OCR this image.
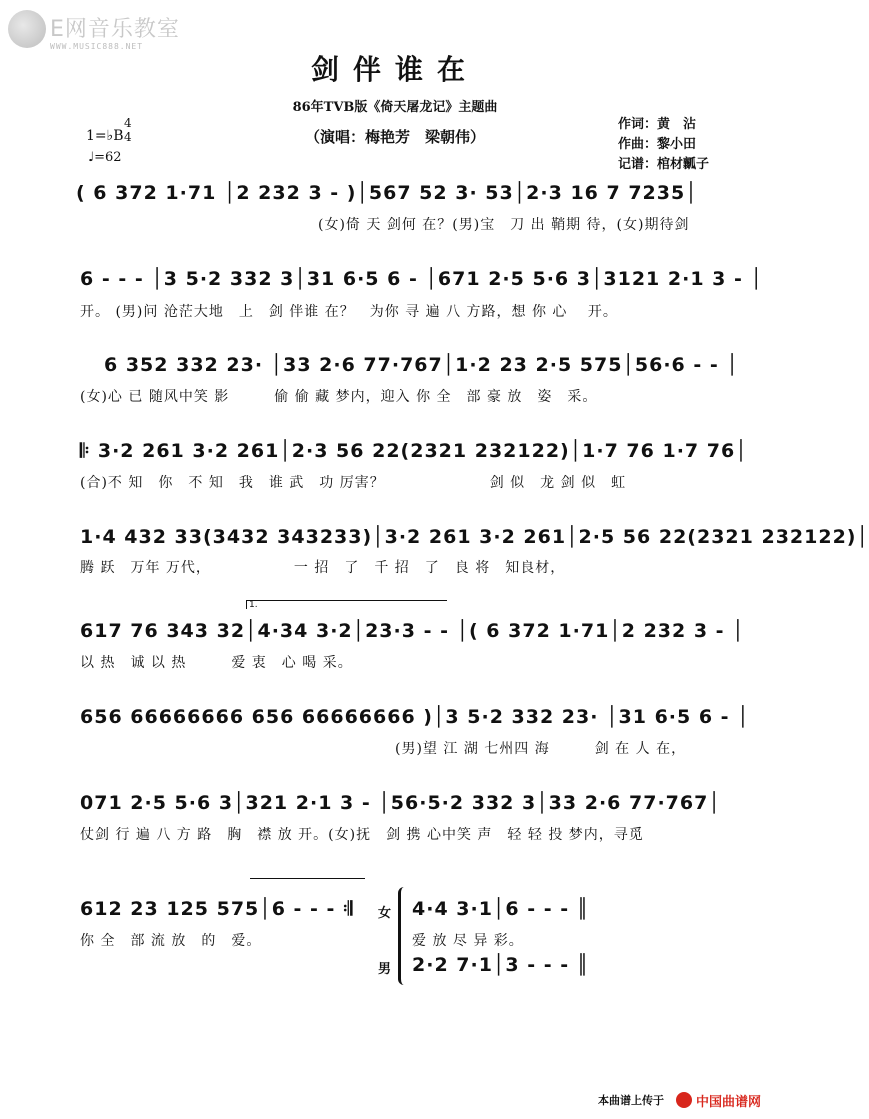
E网音乐教室
WWW.MUSIC888.NET
剑伴谁在
86年TVB版《倚天屠龙记》主题曲
（演唱：梅艳芳　梁朝伟）
作词：黄　沾
作曲：黎小田
记谱：棺材瓤子
1=♭B
4
4
♩=62
( 6 372 1·71 │2 232 3 - )│567 52 3· 53│2·3 16 7 7235│
(女)倚 天 剑何 在？(男)宝　刀 出 鞘期 待，(女)期待剑
6 - - - │3 5·2 332 3│31 6·5 6 - │671 2·5 5·6 3│3121 2·1 3 - │
开。 (男)问 沧茫大地　上　剑 伴谁 在？　为你 寻 遍 八 方路，想 你 心　 开。
6 352 332 23· │33 2·6 77·767│1·2 23 2·5 575│56·6 - - │
(女)心 已 随风中笑 影　　　偷 偷 藏 梦内，迎入 你 全　部 豪 放　姿　采。
𝄆 3·2 261 3·2 261│2·3 56 22(2321 232122)│1·7 76 1·7 76│
(合)不 知　你　不 知　我　谁 武　功 厉害？　　　　　　　剑 似　龙 剑 似　虹
1·4 432 33(3432 343233)│3·2 261 3·2 261│2·5 56 22(2321 232122)│
腾 跃　万年 万代，　　　　　　一 招　了　千 招　了　良 将　知良材，
1.
617 76 343 32│4·34 3·2│23·3 - - │( 6 372 1·71│2 232 3 - │
以 热　诚 以 热　　　爱 衷　心 喝 采。
656 66666666 656 66666666 )│3 5·2 332 23· │31 6·5 6 - │
(男)望 江 湖 七州四 海　　　剑 在 人 在，
071 2·5 5·6 3│321 2·1 3 - │56·5·2 332 3│33 2·6 77·767│
仗剑 行 遍 八 方 路　胸　襟 放 开。(女)抚　剑 携 心中笑 声　轻 轻 投 梦内，寻觅
612 23 125 575│6 - - - 𝄇
你 全　部 流 放　的　爱。
女 4·4 3·1│6 - - - ║
爱 放 尽 异 彩。
男 2·2 7·1│3 - - - ║
本曲谱上传于 中国曲谱网
